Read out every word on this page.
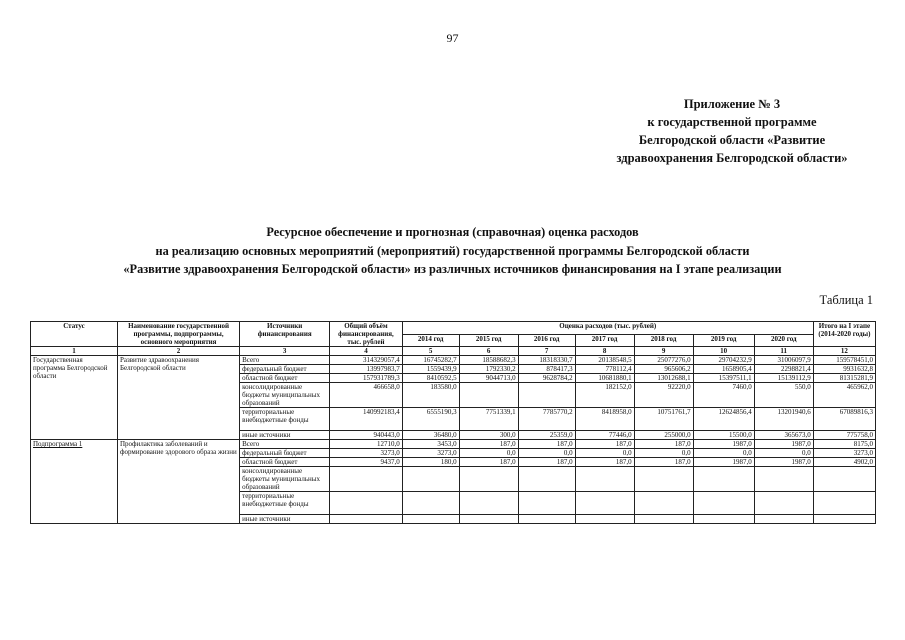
97
Приложение № 3
к государственной программе
Белгородской области «Развитие
здравоохранения Белгородской области»
Ресурсное обеспечение и прогнозная (справочная) оценка расходов
на реализацию основных мероприятий (мероприятий) государственной программы Белгородской области
«Развитие здравоохранения Белгородской области» из различных источников финансирования на I этапе реализации
Таблица 1
Статус	Наименование государственной программы, подпрограммы, основного мероприятия	Источники финансирования	Общий объём финансирования, тыс. рублей	Оценка расходов (тыс. рублей)							Итого на I этапе (2014-2020 годы)
				2014 год	2015 год	2016 год	2017 год	2018 год	2019 год	2020 год	
1	2	3	4	5	6	7	8	9	10	11	12
Государственная программа Белгородской области	Развитие здравоохранения Белгородской области	Всего	314329057,4	16745282,7	18588682,3	18318330,7	20138548,5	25077276,0	29704232,9	31006097,9	159578451,0
		федеральный бюджет	13997983,7	1559439,9	1792330,2	878417,3	778112,4	965606,2	1658905,4	2298821,4	9931632,8
		областной бюджет	157931789,3	8410592,5	9044713,0	9628784,2	10681880,1	13012688,1	15397511,1	15139112,9	81315281,9
		консолидированные бюджеты муниципальных образований	466658,0	183580,0			182152,0	92220,0	7460,0	550,0	465962,0
		территориальные внебюджетные фонды	140992183,4	6555190,3	7751339,1	7785770,2	8418958,0	10751761,7	12624856,4	13201940,6	67089816,3
		иные источники	940443,0	36480,0	300,0	25359,0	77446,0	255000,0	15500,0	365673,0	775758,0
Подпрограмма 1	Профилактика заболеваний и формирование здорового образа жизни	Всего	12710,0	3453,0	187,0	187,0	187,0	187,0	1987,0	1987,0	8175,0
		федеральный бюджет	3273,0	3273,0	0,0	0,0	0,0	0,0	0,0	0,0	3273,0
		областной бюджет	9437,0	180,0	187,0	187,0	187,0	187,0	1987,0	1987,0	4902,0
		консолидированные бюджеты муниципальных образований									
		территориальные внебюджетные фонды									
		иные источники									
